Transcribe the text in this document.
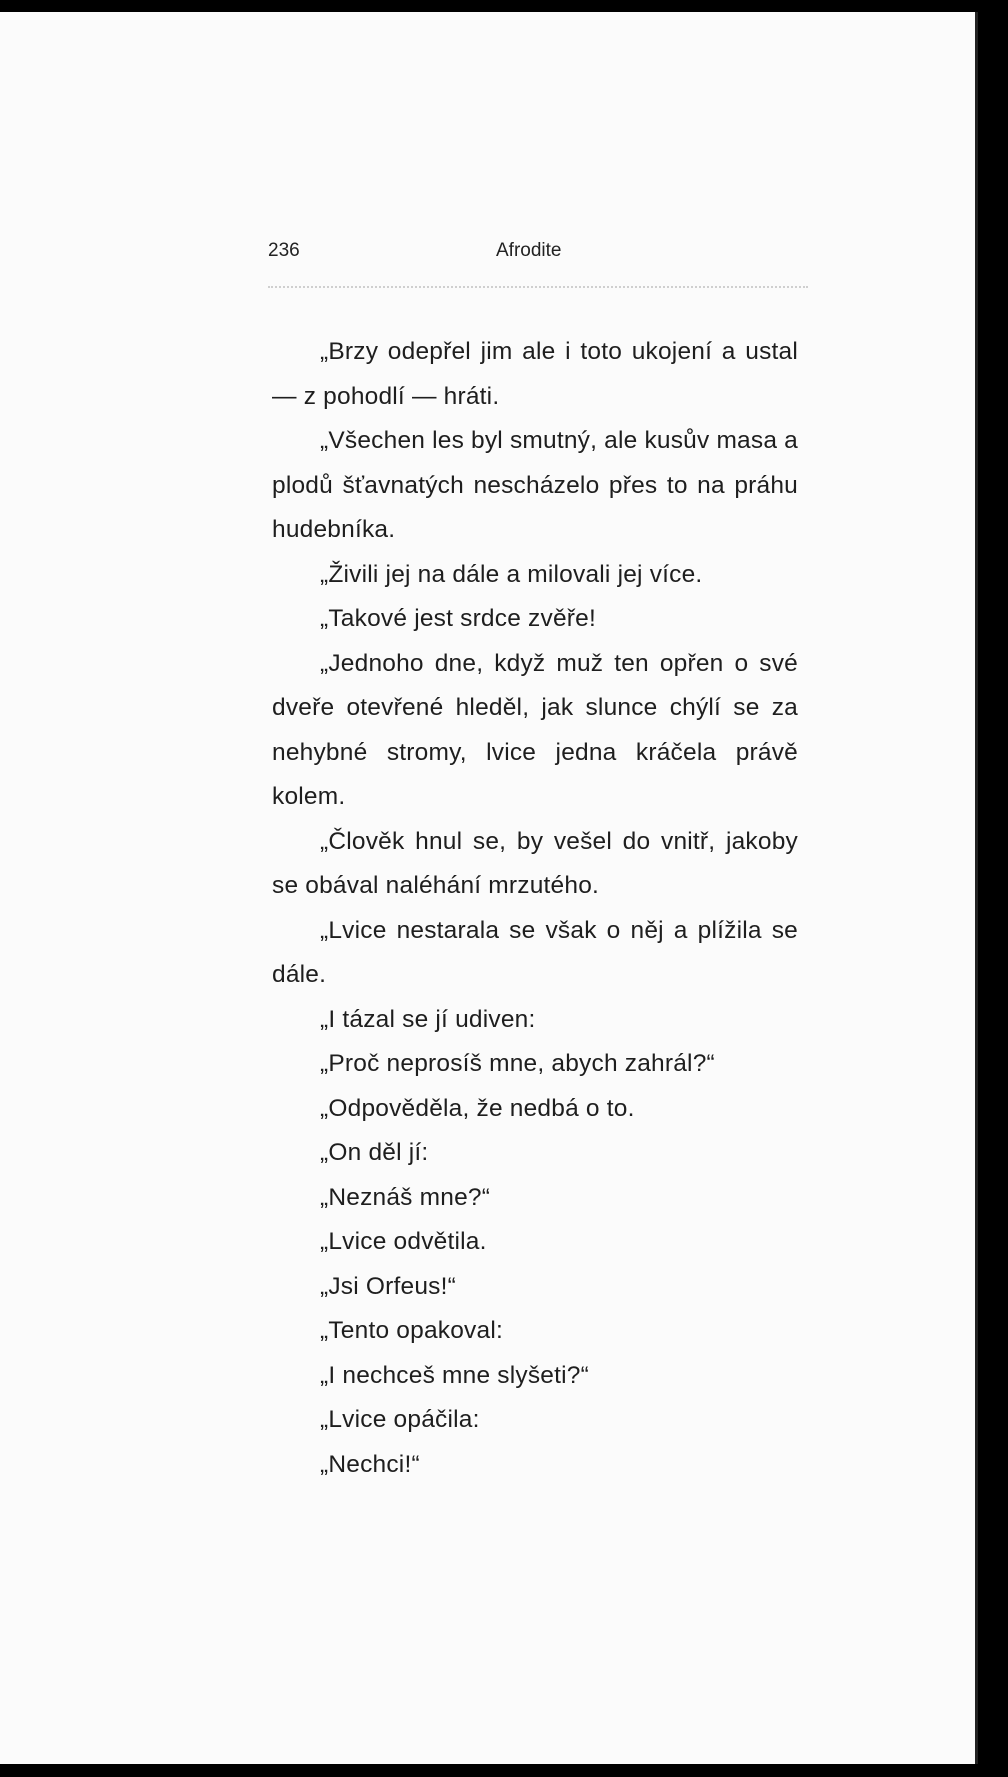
236	Afrodite

„Brzy odepřel jim ale i toto ukojení a ustal — z pohodlí — hráti.

„Všechen les byl smutný, ale kusův masa a plodů šťavnatých nescházelo přes to na práhu hudebníka.

„Živili jej na dále a milovali jej více.

„Takové jest srdce zvěře!

„Jednoho dne, když muž ten opřen o své dveře otevřené hleděl, jak slunce chýlí se za nehybné stromy, lvice jedna kráčela právě kolem.

„Člověk hnul se, by vešel do vnitř, jakoby se obával naléhání mrzutého.

„Lvice nestarala se však o něj a plížila se dále.

„I tázal se jí udiven:

„Proč neprosíš mne, abych zahrál?“

„Odpověděla, že nedbá o to.

„On děl jí:

„Neznáš mne?“

„Lvice odvětila.

„Jsi Orfeus!“

„Tento opakoval:

„I nechceš mne slyšeti?“

„Lvice opáčila:

„Nechci!“
